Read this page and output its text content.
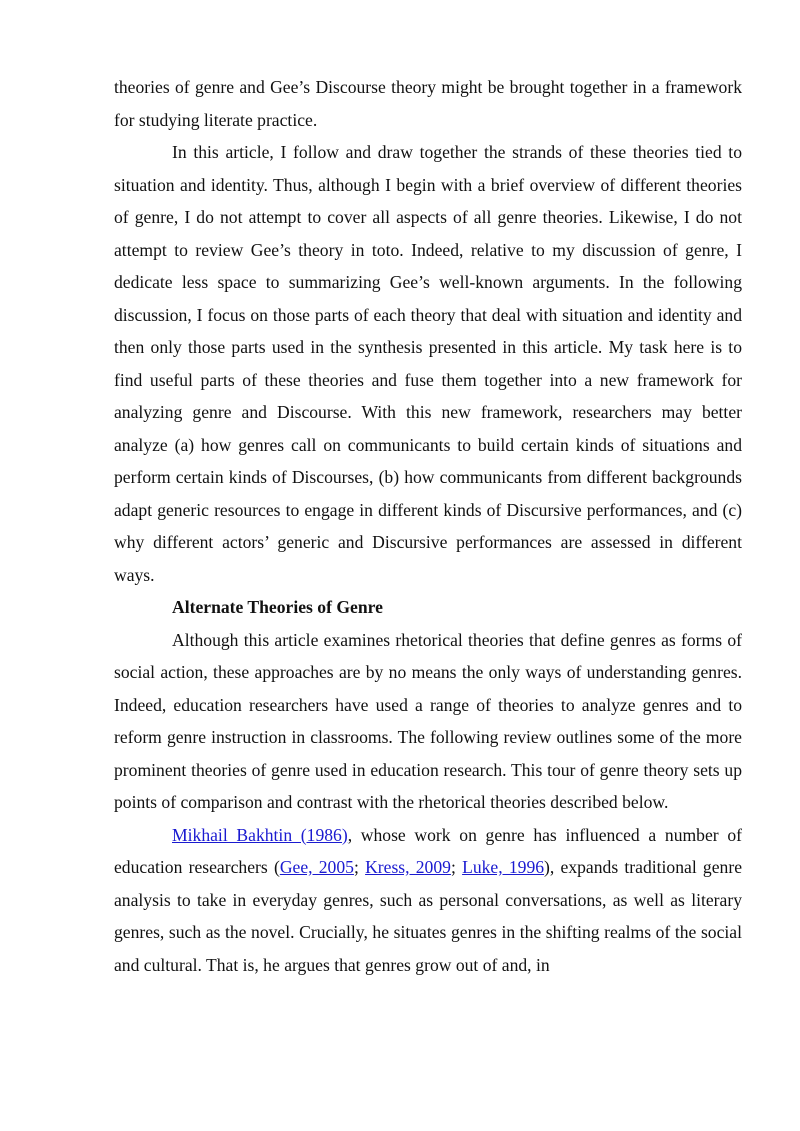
theories of genre and Gee’s Discourse theory might be brought together in a framework for studying literate practice.

In this article, I follow and draw together the strands of these theories tied to situation and identity. Thus, although I begin with a brief overview of different theories of genre, I do not attempt to cover all aspects of all genre theories. Likewise, I do not attempt to review Gee’s theory in toto. Indeed, relative to my discussion of genre, I dedicate less space to summarizing Gee’s well-known arguments. In the following discussion, I focus on those parts of each theory that deal with situation and identity and then only those parts used in the synthesis presented in this article. My task here is to find useful parts of these theories and fuse them together into a new framework for analyzing genre and Discourse. With this new framework, researchers may better analyze (a) how genres call on communicants to build certain kinds of situations and perform certain kinds of Discourses, (b) how communicants from different backgrounds adapt generic resources to engage in different kinds of Discursive performances, and (c) why different actors’ generic and Discursive performances are assessed in different ways.

Alternate Theories of Genre

Although this article examines rhetorical theories that define genres as forms of social action, these approaches are by no means the only ways of understanding genres. Indeed, education researchers have used a range of theories to analyze genres and to reform genre instruction in classrooms. The following review outlines some of the more prominent theories of genre used in education research. This tour of genre theory sets up points of comparison and contrast with the rhetorical theories described below.

Mikhail Bakhtin (1986), whose work on genre has influenced a number of education researchers (Gee, 2005; Kress, 2009; Luke, 1996), expands traditional genre analysis to take in everyday genres, such as personal conversations, as well as literary genres, such as the novel. Crucially, he situates genres in the shifting realms of the social and cultural. That is, he argues that genres grow out of and, in
